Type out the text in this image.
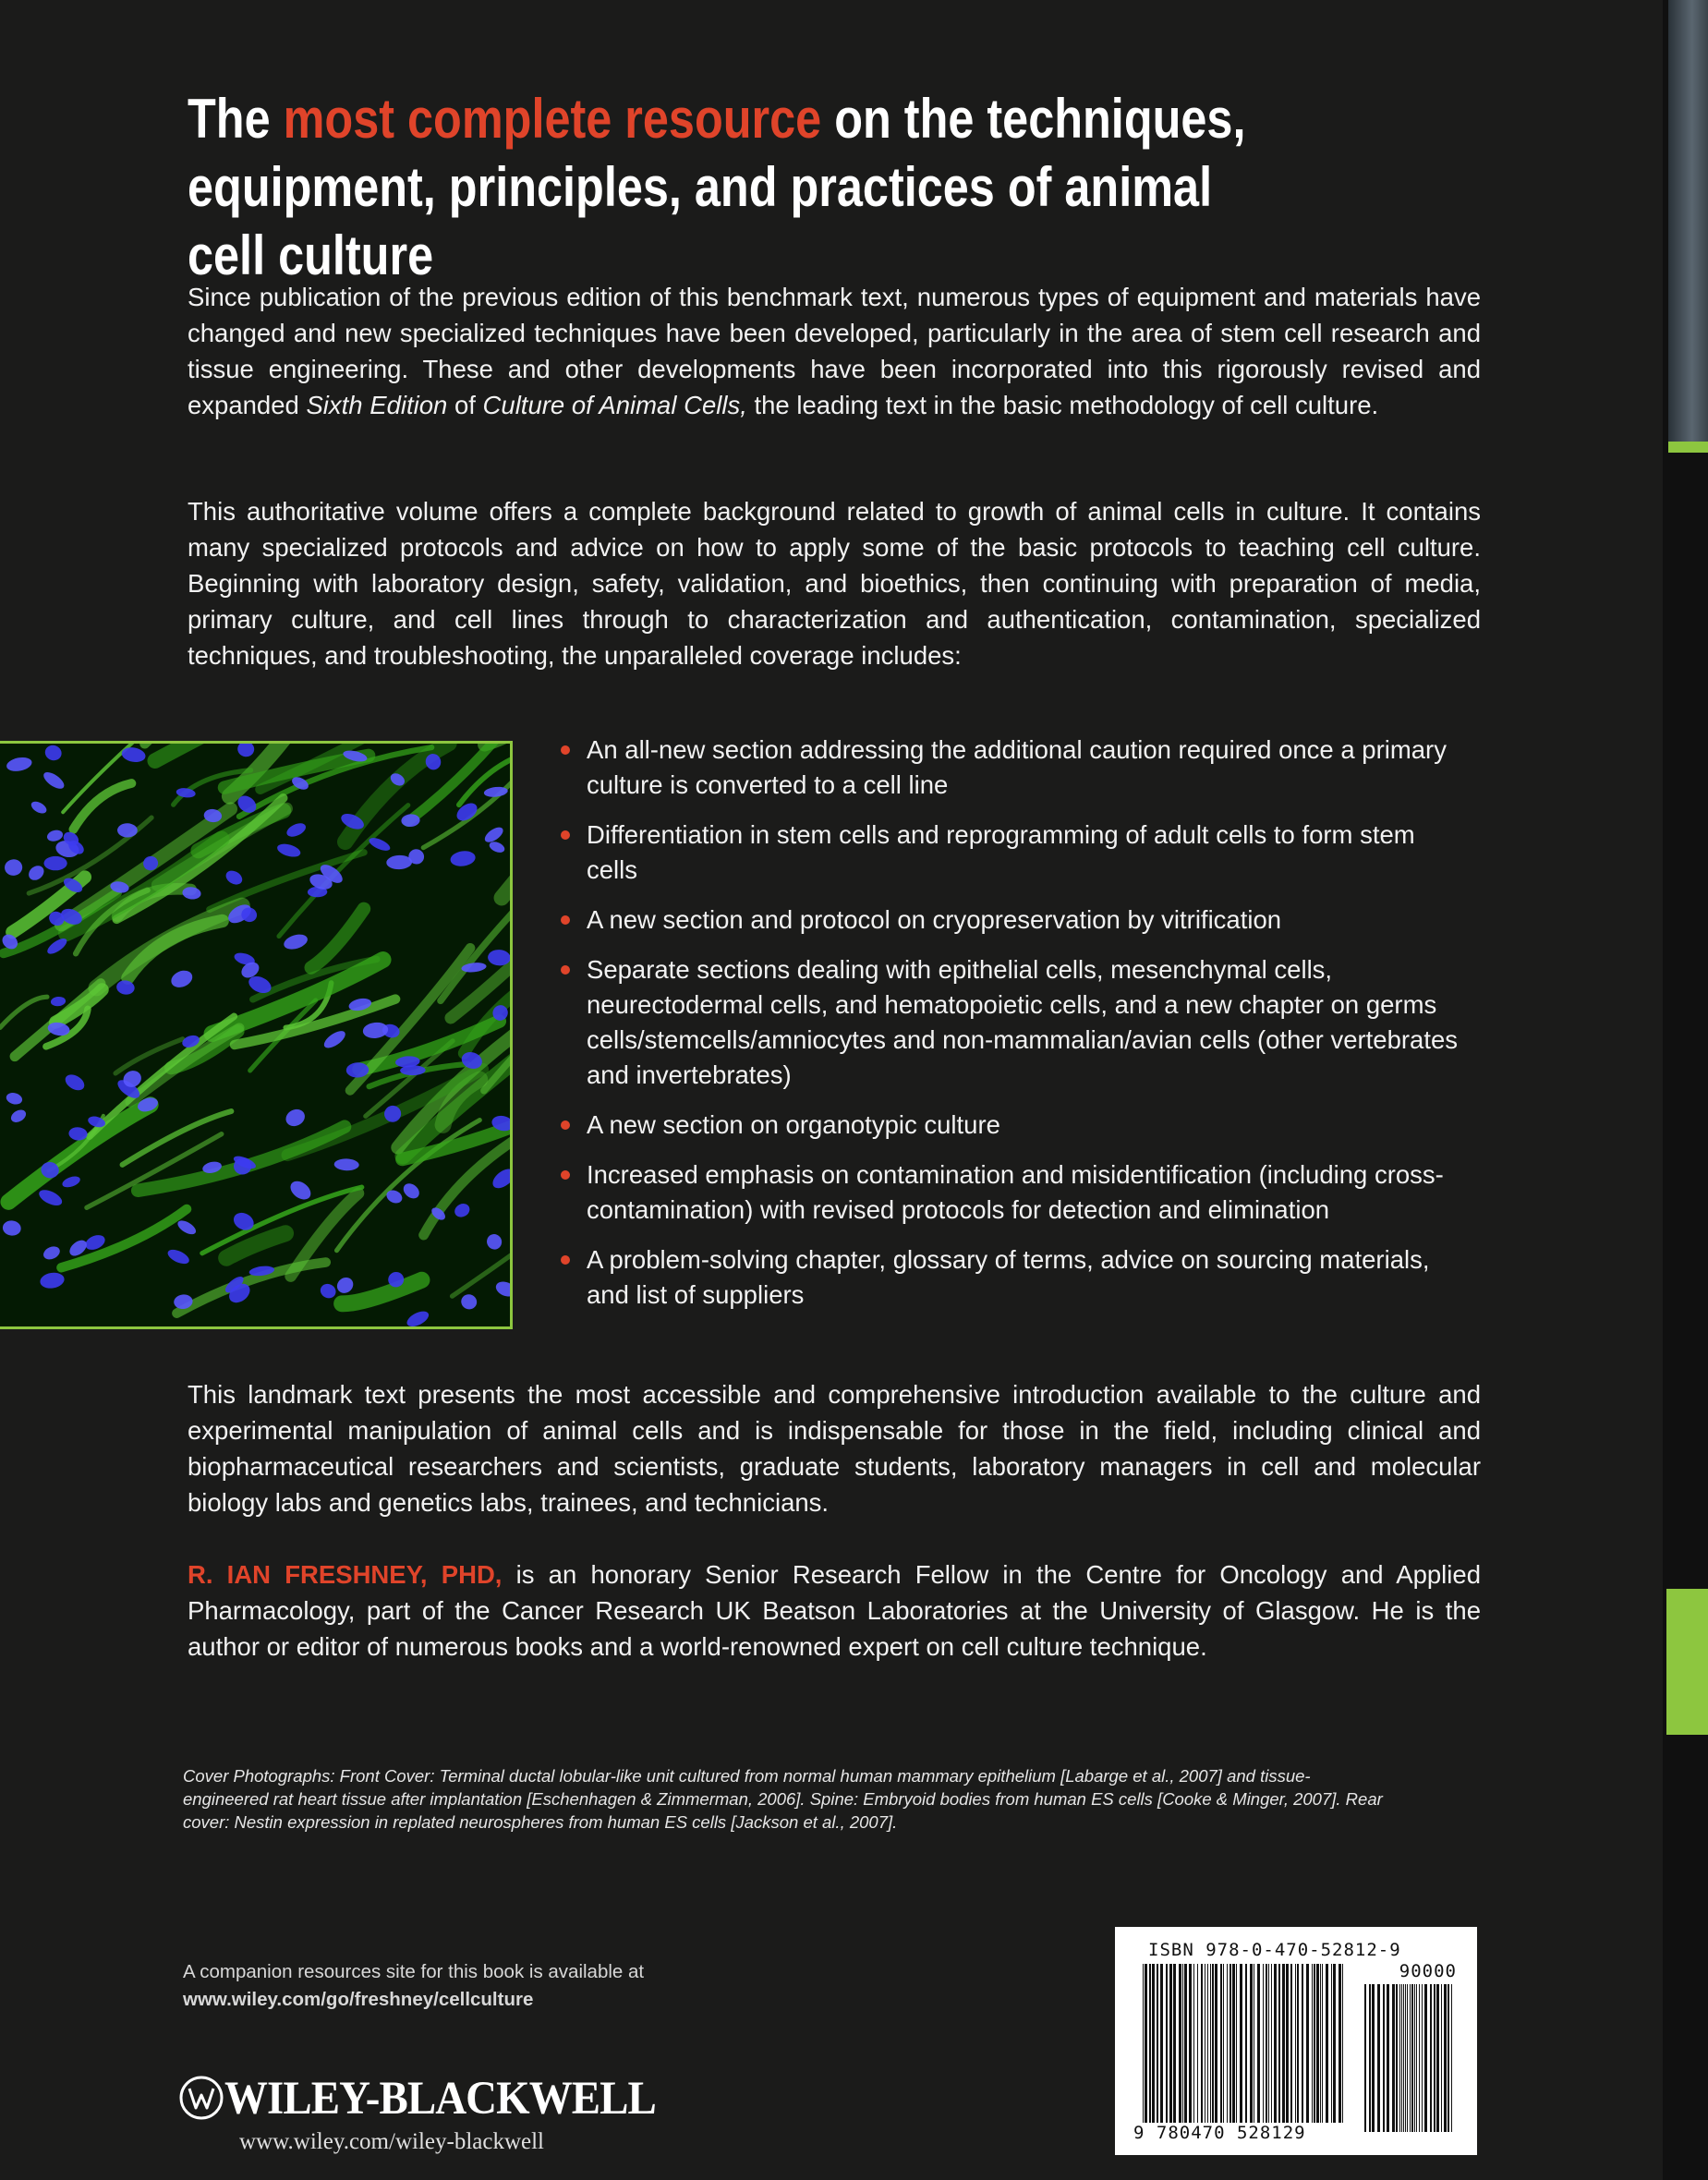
The most complete resource on the techniques, equipment, principles, and practices of animal cell culture

Since publication of the previous edition of this benchmark text, numerous types of equipment and materials have changed and new specialized techniques have been developed, particularly in the area of stem cell research and tissue engineering. These and other developments have been incorporated into this rigorously revised and expanded Sixth Edition of Culture of Animal Cells, the leading text in the basic methodology of cell culture.

This authoritative volume offers a complete background related to growth of animal cells in culture. It contains many specialized protocols and advice on how to apply some of the basic protocols to teaching cell culture. Beginning with laboratory design, safety, validation, and bioethics, then continuing with preparation of media, primary culture, and cell lines through to characterization and authentication, contamination, specialized techniques, and troubleshooting, the unparalleled coverage includes:

An all-new section addressing the additional caution required once a primary culture is converted to a cell line
Differentiation in stem cells and reprogramming of adult cells to form stem cells
A new section and protocol on cryopreservation by vitrification
Separate sections dealing with epithelial cells, mesenchymal cells, neurectodermal cells, and hematopoietic cells, and a new chapter on germs cells/stemcells/amniocytes and non-mammalian/avian cells (other vertebrates and invertebrates)
A new section on organotypic culture
Increased emphasis on contamination and misidentification (including cross-contamination) with revised protocols for detection and elimination
A problem-solving chapter, glossary of terms, advice on sourcing materials, and list of suppliers

This landmark text presents the most accessible and comprehensive introduction available to the culture and experimental manipulation of animal cells and is indispensable for those in the field, including clinical and biopharmaceutical researchers and scientists, graduate students, laboratory managers in cell and molecular biology labs and genetics labs, trainees, and technicians.

R. IAN FRESHNEY, PHD, is an honorary Senior Research Fellow in the Centre for Oncology and Applied Pharmacology, part of the Cancer Research UK Beatson Laboratories at the University of Glasgow. He is the author or editor of numerous books and a world-renowned expert on cell culture technique.

Cover Photographs: Front Cover: Terminal ductal lobular-like unit cultured from normal human mammary epithelium [Labarge et al., 2007] and tissue-engineered rat heart tissue after implantation [Eschenhagen & Zimmerman, 2006]. Spine: Embryoid bodies from human ES cells [Cooke & Minger, 2007]. Rear cover: Nestin expression in replated neurospheres from human ES cells [Jackson et al., 2007].

A companion resources site for this book is available at
www.wiley.com/go/freshney/cellculture
WILEY-BLACKWELL
www.wiley.com/wiley-blackwell
ISBN 978-0-470-52812-9
90000
9 780470 528129
